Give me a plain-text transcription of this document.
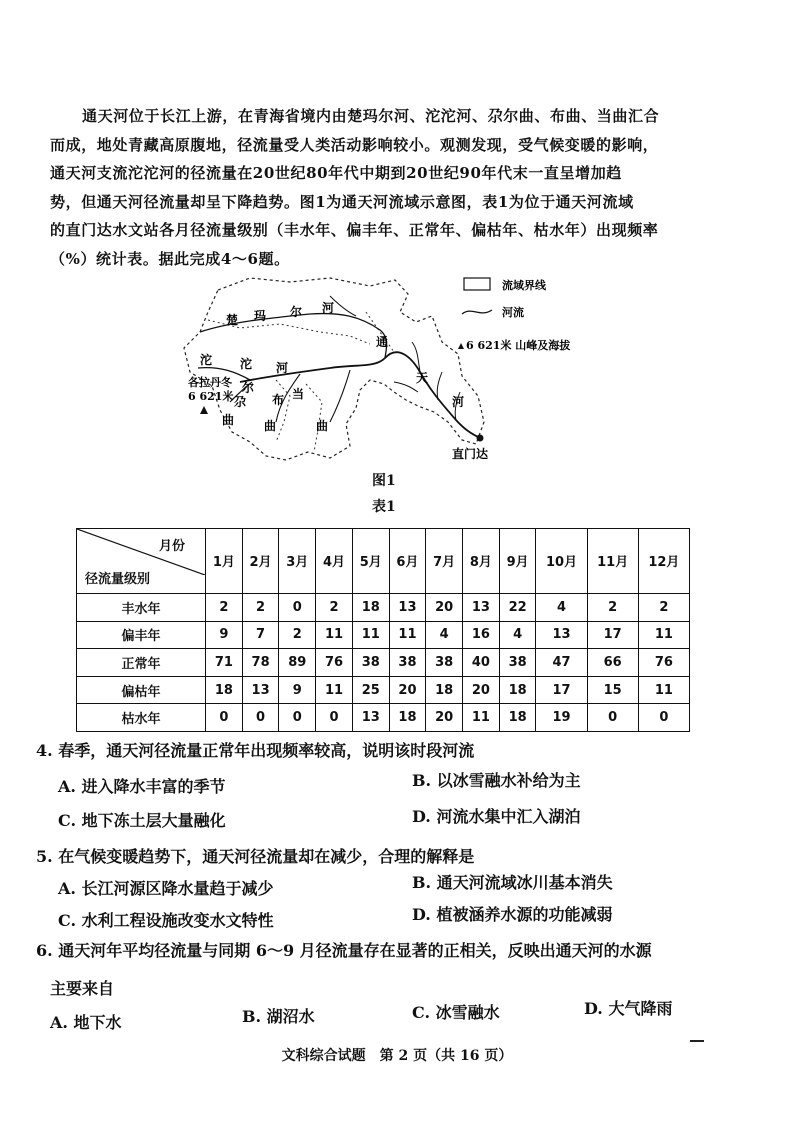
通天河位于长江上游，在青海省境内由楚玛尔河、沱沱河、尕尔曲、布曲、当曲汇合

而成，地处青藏高原腹地，径流量受人类活动影响较小。观测发现，受气候变暖的影响，
通天河支流沱沱河的径流量在20世纪80年代中期到20世纪90年代末一直呈增加趋
势，但通天河径流量却呈下降趋势。图1为通天河流域示意图，表1为位于通天河流域
的直门达水文站各月径流量级别（丰水年、偏丰年、正常年、偏枯年、枯水年）出现频率
（%）统计表。据此完成4～6题。
楚 玛 尔 河
沱 沱 河
通
天
河
各拉丹冬
6 621米 尕
曲
尔
布
曲
当
曲
直门达
流域界线
河流
6 621米 山峰及海拔
图1
表1
月份
径流量级别	1月	2月	3月	4月	5月	6月	7月	8月	9月	10月	11月	12月
丰水年	2	2	0	2	18	13	20	13	22	4	2	2
偏丰年	9	7	2	11	11	11	4	16	4	13	17	11
正常年	71	78	89	76	38	38	38	40	38	47	66	76
偏枯年	18	13	9	11	25	20	18	20	18	17	15	11
枯水年	0	0	0	0	13	18	20	11	18	19	0	0
4. 春季，通天河径流量正常年出现频率较高，说明该时段河流
A. 进入降水丰富的季节	B. 以冰雪融水补给为主
C. 地下冻土层大量融化	D. 河流水集中汇入湖泊
5. 在气候变暖趋势下，通天河径流量却在减少，合理的解释是
A. 长江河源区降水量趋于减少	B. 通天河流域冰川基本消失
C. 水利工程设施改变水文特性	D. 植被涵养水源的功能减弱
6. 通天河年平均径流量与同期 6～9 月径流量存在显著的正相关，反映出通天河的水源
主要来自
A. 地下水	B. 湖沼水	C. 冰雪融水	D. 大气降雨
文科综合试题　第 2 页（共 16 页）
